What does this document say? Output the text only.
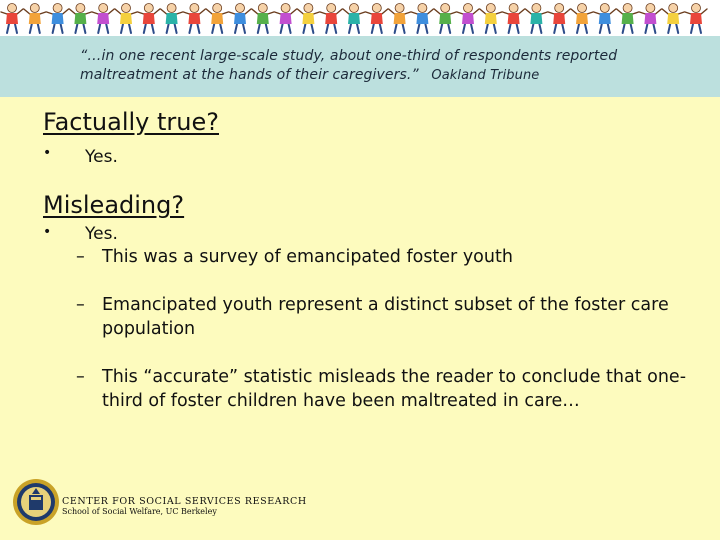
“…in one recent large-scale study, about one-third of respondents reported maltreatment at the hands of their caregivers.” Oakland Tribune
Factually true?
• Yes.
Misleading?
• Yes.
– This was a survey of emancipated foster youth
– Emancipated youth represent a distinct subset of the foster care population
– This “accurate” statistic misleads the reader to conclude that one-third of foster children have been maltreated in care…
CENTER FOR SOCIAL SERVICES RESEARCH
School of Social Welfare, UC Berkeley
